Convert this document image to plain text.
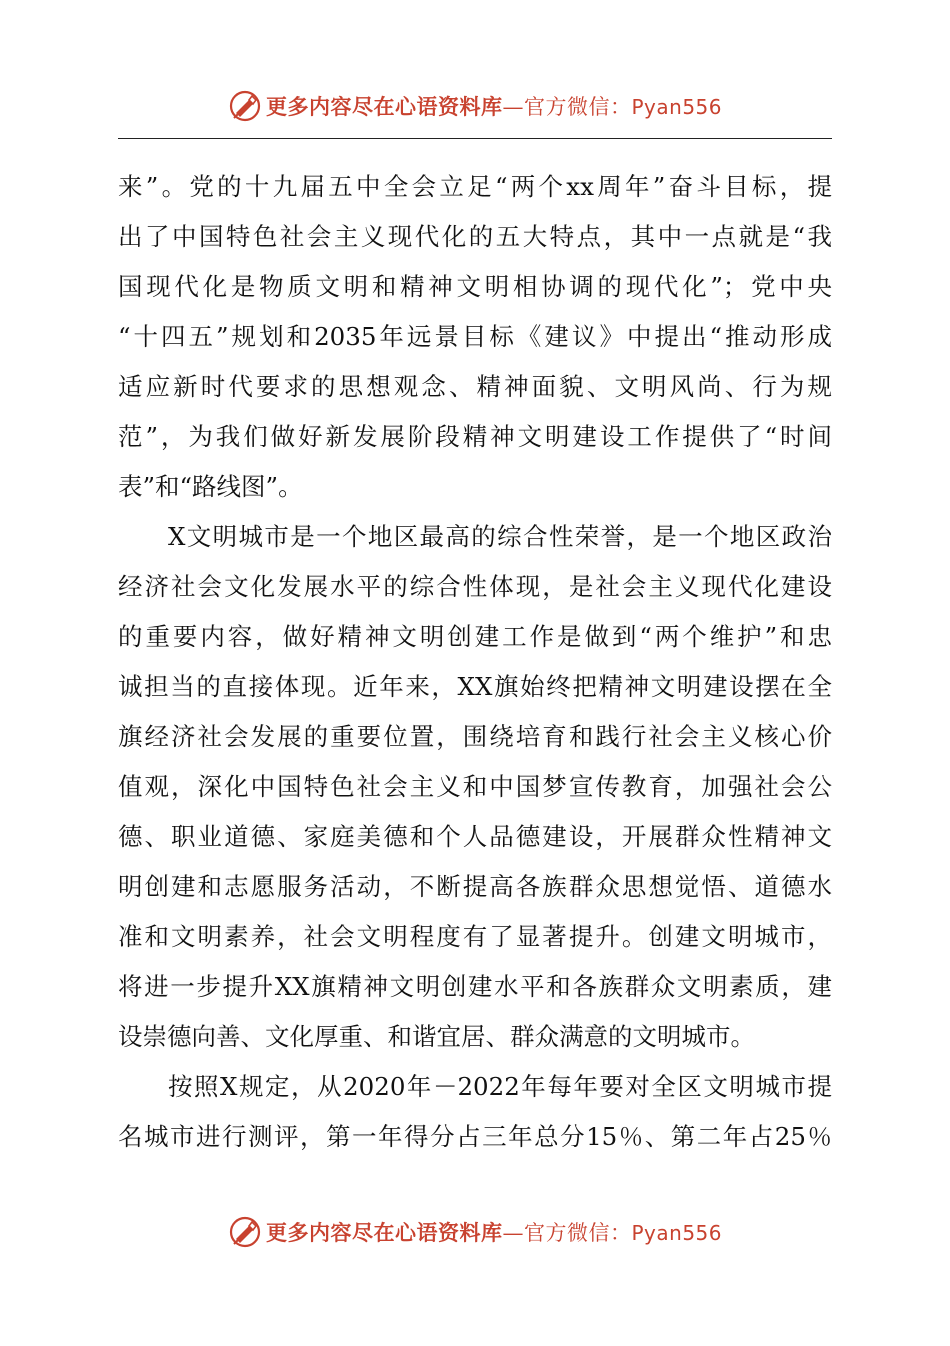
更多内容尽在心语资料库—官方微信：Pyan556
来”。党的十九届五中全会立足“两个xx周年”奋斗目标，提
出了中国特色社会主义现代化的五大特点，其中一点就是“我
国现代化是物质文明和精神文明相协调的现代化”；党中央
“十四五”规划和2035年远景目标《建议》中提出“推动形成
适应新时代要求的思想观念、精神面貌、文明风尚、行为规
范”，为我们做好新发展阶段精神文明建设工作提供了“时间
表”和“路线图”。
X文明城市是一个地区最高的综合性荣誉，是一个地区政治
经济社会文化发展水平的综合性体现，是社会主义现代化建设
的重要内容，做好精神文明创建工作是做到“两个维护”和忠
诚担当的直接体现。近年来，XX旗始终把精神文明建设摆在全
旗经济社会发展的重要位置，围绕培育和践行社会主义核心价
值观，深化中国特色社会主义和中国梦宣传教育，加强社会公
德、职业道德、家庭美德和个人品德建设，开展群众性精神文
明创建和志愿服务活动，不断提高各族群众思想觉悟、道德水
准和文明素养，社会文明程度有了显著提升。创建文明城市，
将进一步提升XX旗精神文明创建水平和各族群众文明素质，建
设崇德向善、文化厚重、和谐宜居、群众满意的文明城市。
按照X规定，从2020年－2022年每年要对全区文明城市提
名城市进行测评，第一年得分占三年总分15％、第二年占25％
更多内容尽在心语资料库—官方微信：Pyan556
